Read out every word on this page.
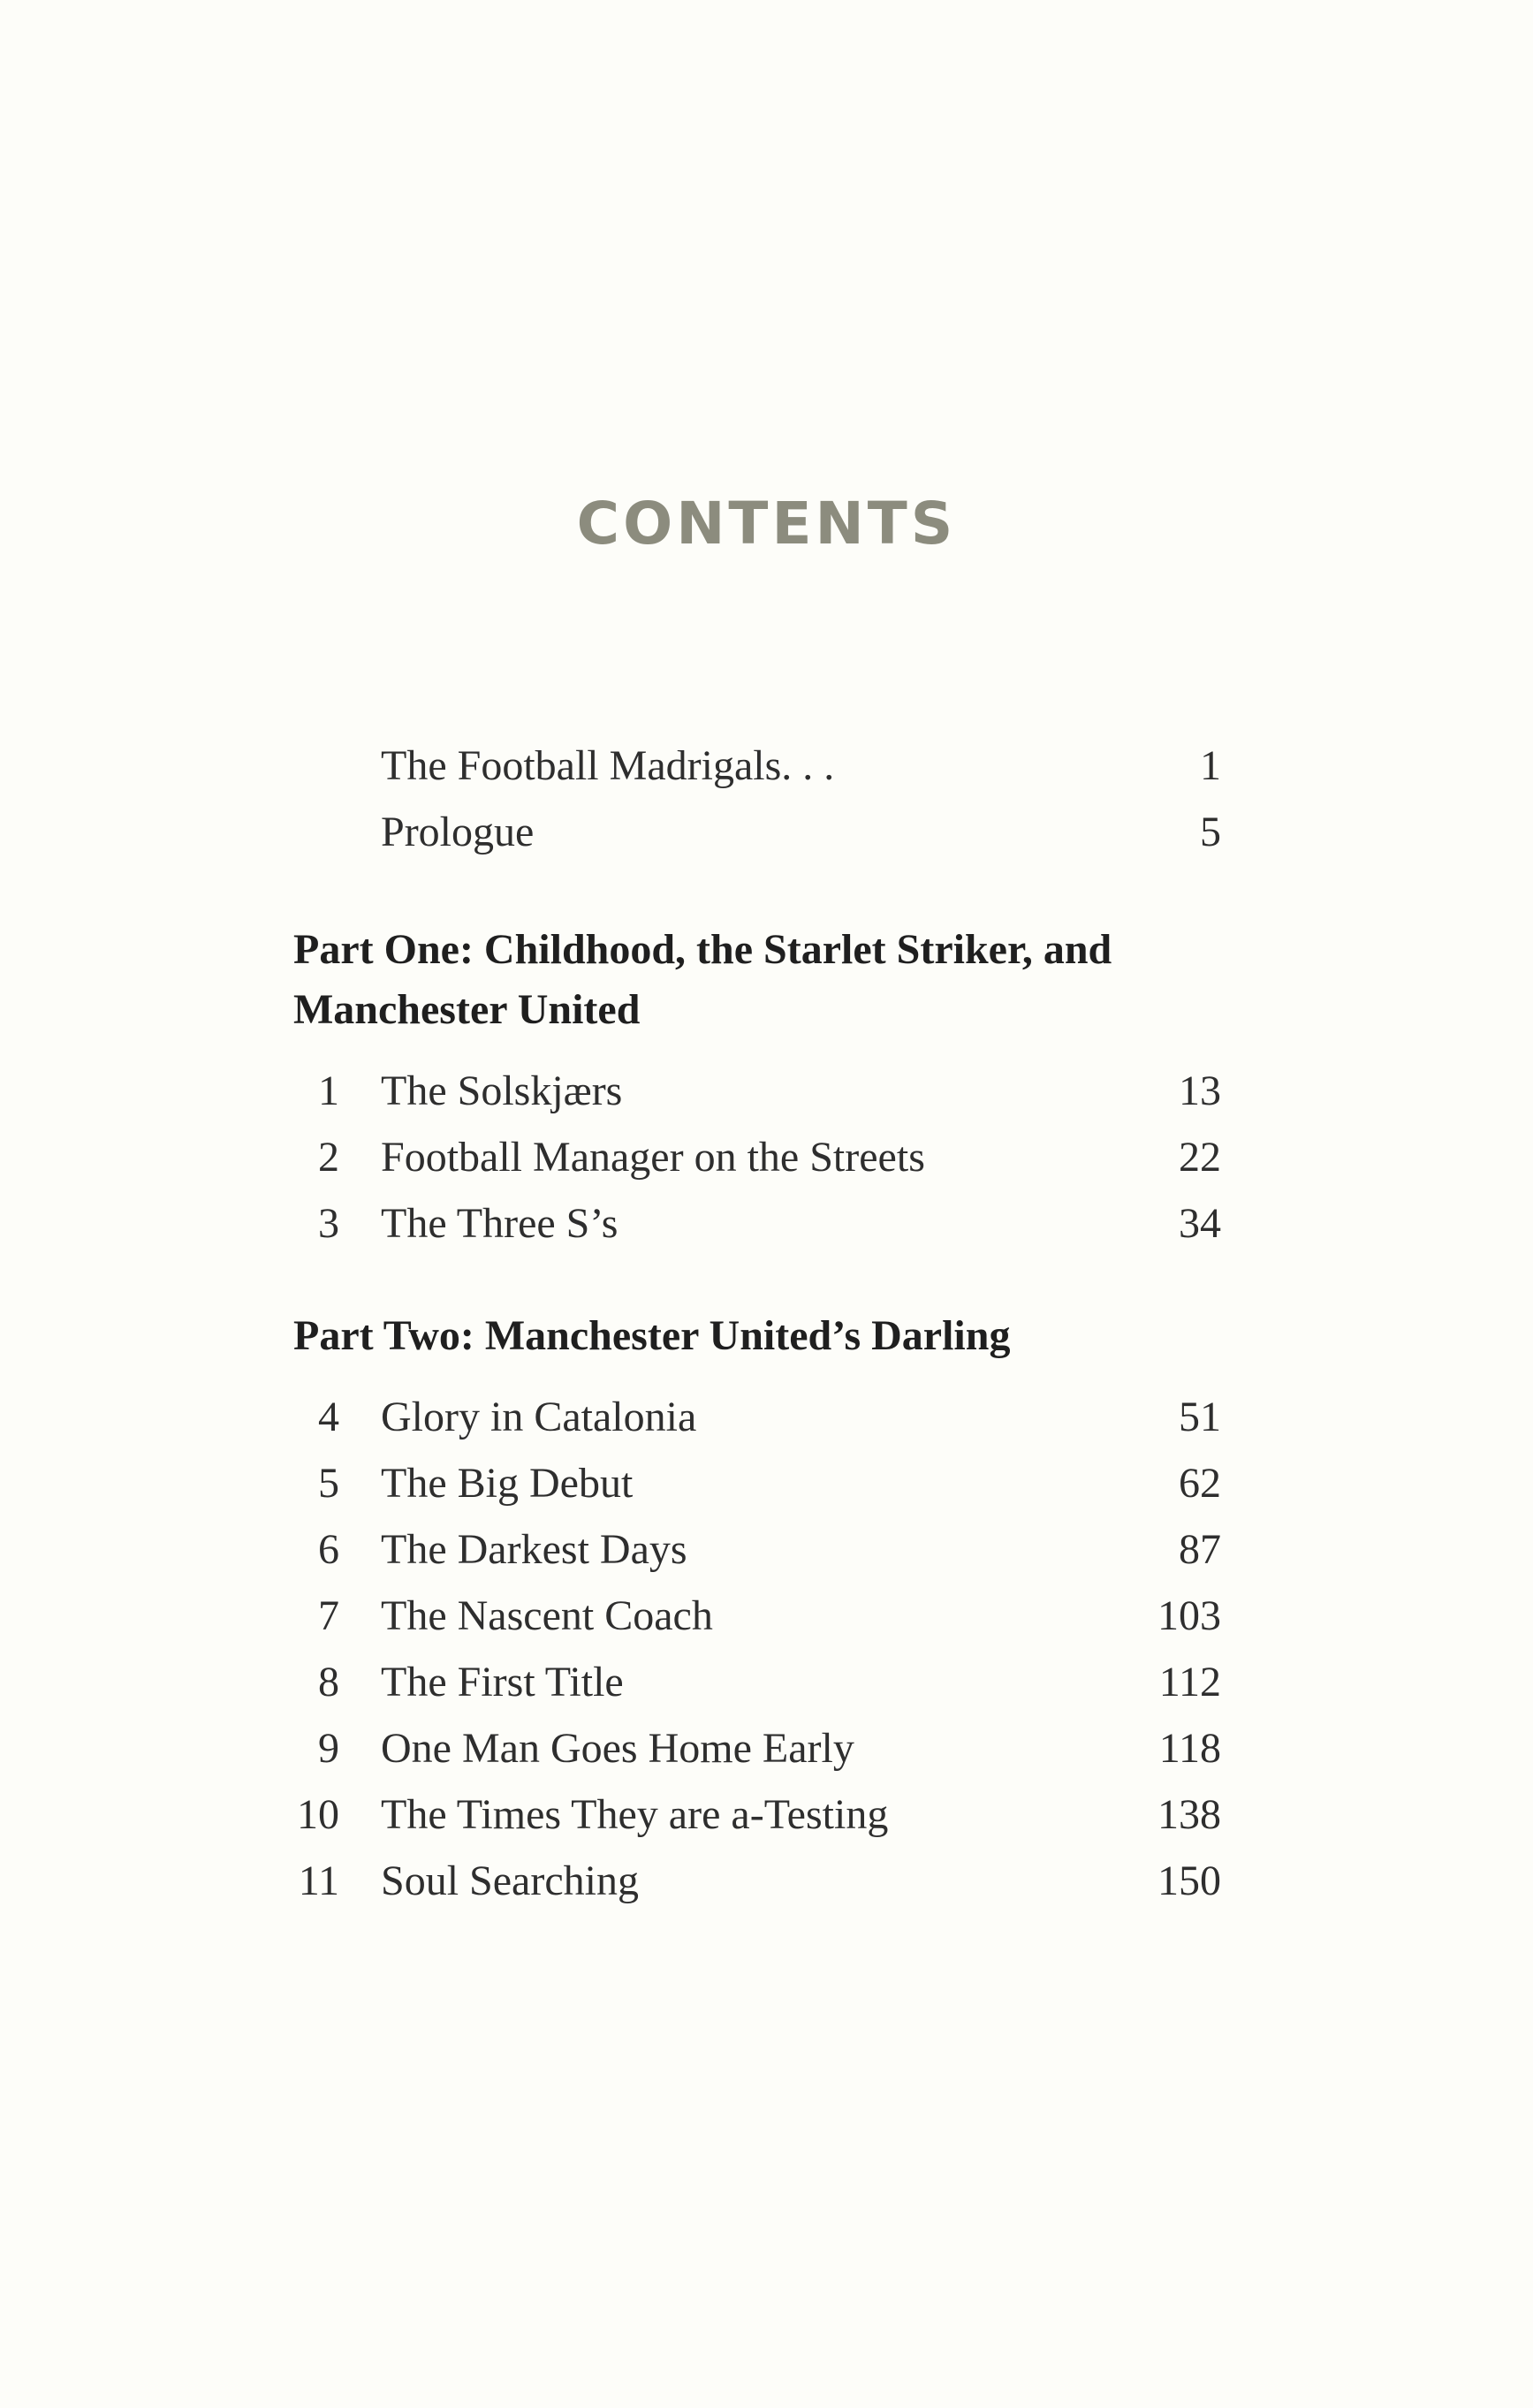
CONTENTS
The Football Madrigals. . .	1
Prologue	5
Part One: Childhood, the Starlet Striker, and Manchester United
1 The Solskjærs	13
2 Football Manager on the Streets	22
3 The Three S’s	34
Part Two: Manchester United’s Darling
4 Glory in Catalonia	51
5 The Big Debut	62
6 The Darkest Days	87
7 The Nascent Coach	103
8 The First Title	112
9 One Man Goes Home Early	118
10 The Times They are a-Testing	138
11 Soul Searching	150
